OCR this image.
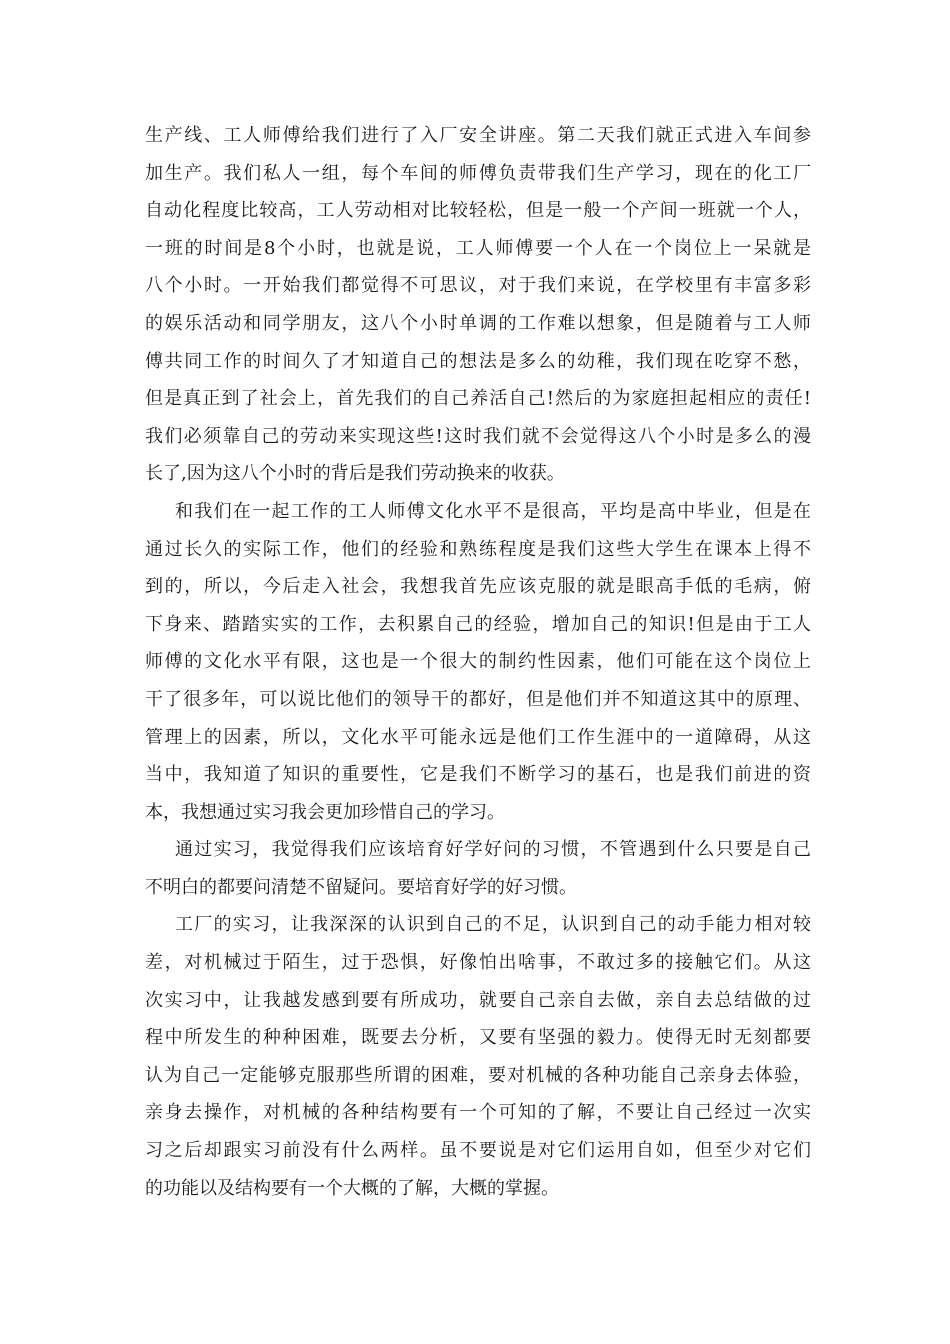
生产线、工人师傅给我们进行了入厂安全讲座。第二天我们就正式进入车间参
加生产。我们私人一组，每个车间的师傅负责带我们生产学习，现在的化工厂
自动化程度比较高，工人劳动相对比较轻松，但是一般一个产间一班就一个人，
一班的时间是8个小时，也就是说，工人师傅要一个人在一个岗位上一呆就是
八个小时。一开始我们都觉得不可思议，对于我们来说，在学校里有丰富多彩
的娱乐活动和同学朋友，这八个小时单调的工作难以想象，但是随着与工人师
傅共同工作的时间久了才知道自己的想法是多么的幼稚，我们现在吃穿不愁，
但是真正到了社会上，首先我们的自己养活自己!然后的为家庭担起相应的责任!
我们必须靠自己的劳动来实现这些!这时我们就不会觉得这八个小时是多么的漫
长了,因为这八个小时的背后是我们劳动换来的收获。
和我们在一起工作的工人师傅文化水平不是很高，平均是高中毕业，但是在
通过长久的实际工作，他们的经验和熟练程度是我们这些大学生在课本上得不
到的，所以，今后走入社会，我想我首先应该克服的就是眼高手低的毛病，俯
下身来、踏踏实实的工作，去积累自己的经验，增加自己的知识!但是由于工人
师傅的文化水平有限，这也是一个很大的制约性因素，他们可能在这个岗位上
干了很多年，可以说比他们的领导干的都好，但是他们并不知道这其中的原理、
管理上的因素，所以，文化水平可能永远是他们工作生涯中的一道障碍，从这
当中，我知道了知识的重要性，它是我们不断学习的基石，也是我们前进的资
本，我想通过实习我会更加珍惜自己的学习。
通过实习，我觉得我们应该培育好学好问的习惯，不管遇到什么只要是自己
不明白的都要问清楚不留疑问。要培育好学的好习惯。
工厂的实习，让我深深的认识到自己的不足，认识到自己的动手能力相对较
差，对机械过于陌生，过于恐惧，好像怕出啥事，不敢过多的接触它们。从这
次实习中，让我越发感到要有所成功，就要自己亲自去做，亲自去总结做的过
程中所发生的种种困难，既要去分析，又要有坚强的毅力。使得无时无刻都要
认为自己一定能够克服那些所谓的困难，要对机械的各种功能自己亲身去体验，
亲身去操作，对机械的各种结构要有一个可知的了解，不要让自己经过一次实
习之后却跟实习前没有什么两样。虽不要说是对它们运用自如，但至少对它们
的功能以及结构要有一个大概的了解，大概的掌握。
